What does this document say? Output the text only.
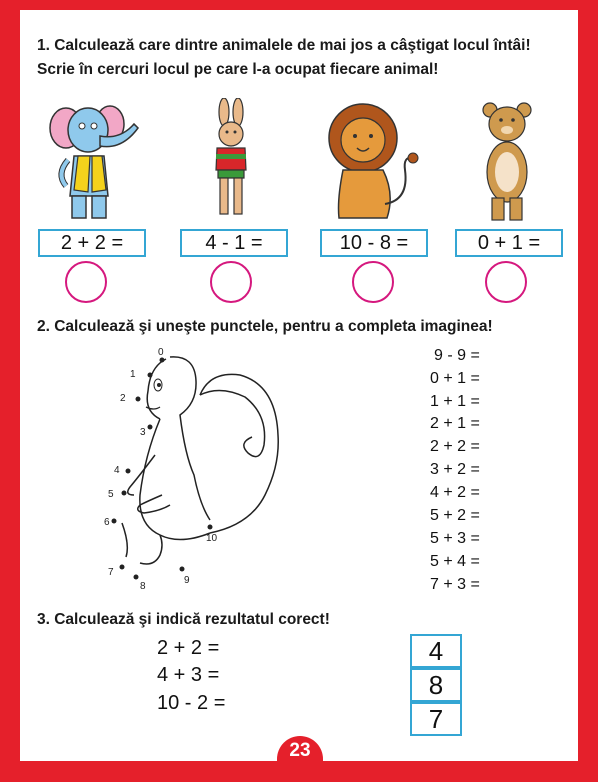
1. Calculează care dintre animalele de mai jos a câştigat locul întâi!
Scrie în cercuri locul pe care l-a ocupat fiecare animal!
2 + 2 =	4 - 1 =	10 - 8 =	0 + 1 =
2. Calculează şi uneşte punctele, pentru a completa imaginea!
0
1
2
3
4
5
6
7
8
9
10
9 - 9 =
0 + 1 =
1 + 1 =
2 + 1 =
2 + 2 =
3 + 2 =
4 + 2 =
5 + 2 =
5 + 3 =
5 + 4 =
7 + 3 =
3. Calculează şi indică rezultatul corect!
2 + 2 =
4 + 3 =
10 - 2 =
4
8
7
23
